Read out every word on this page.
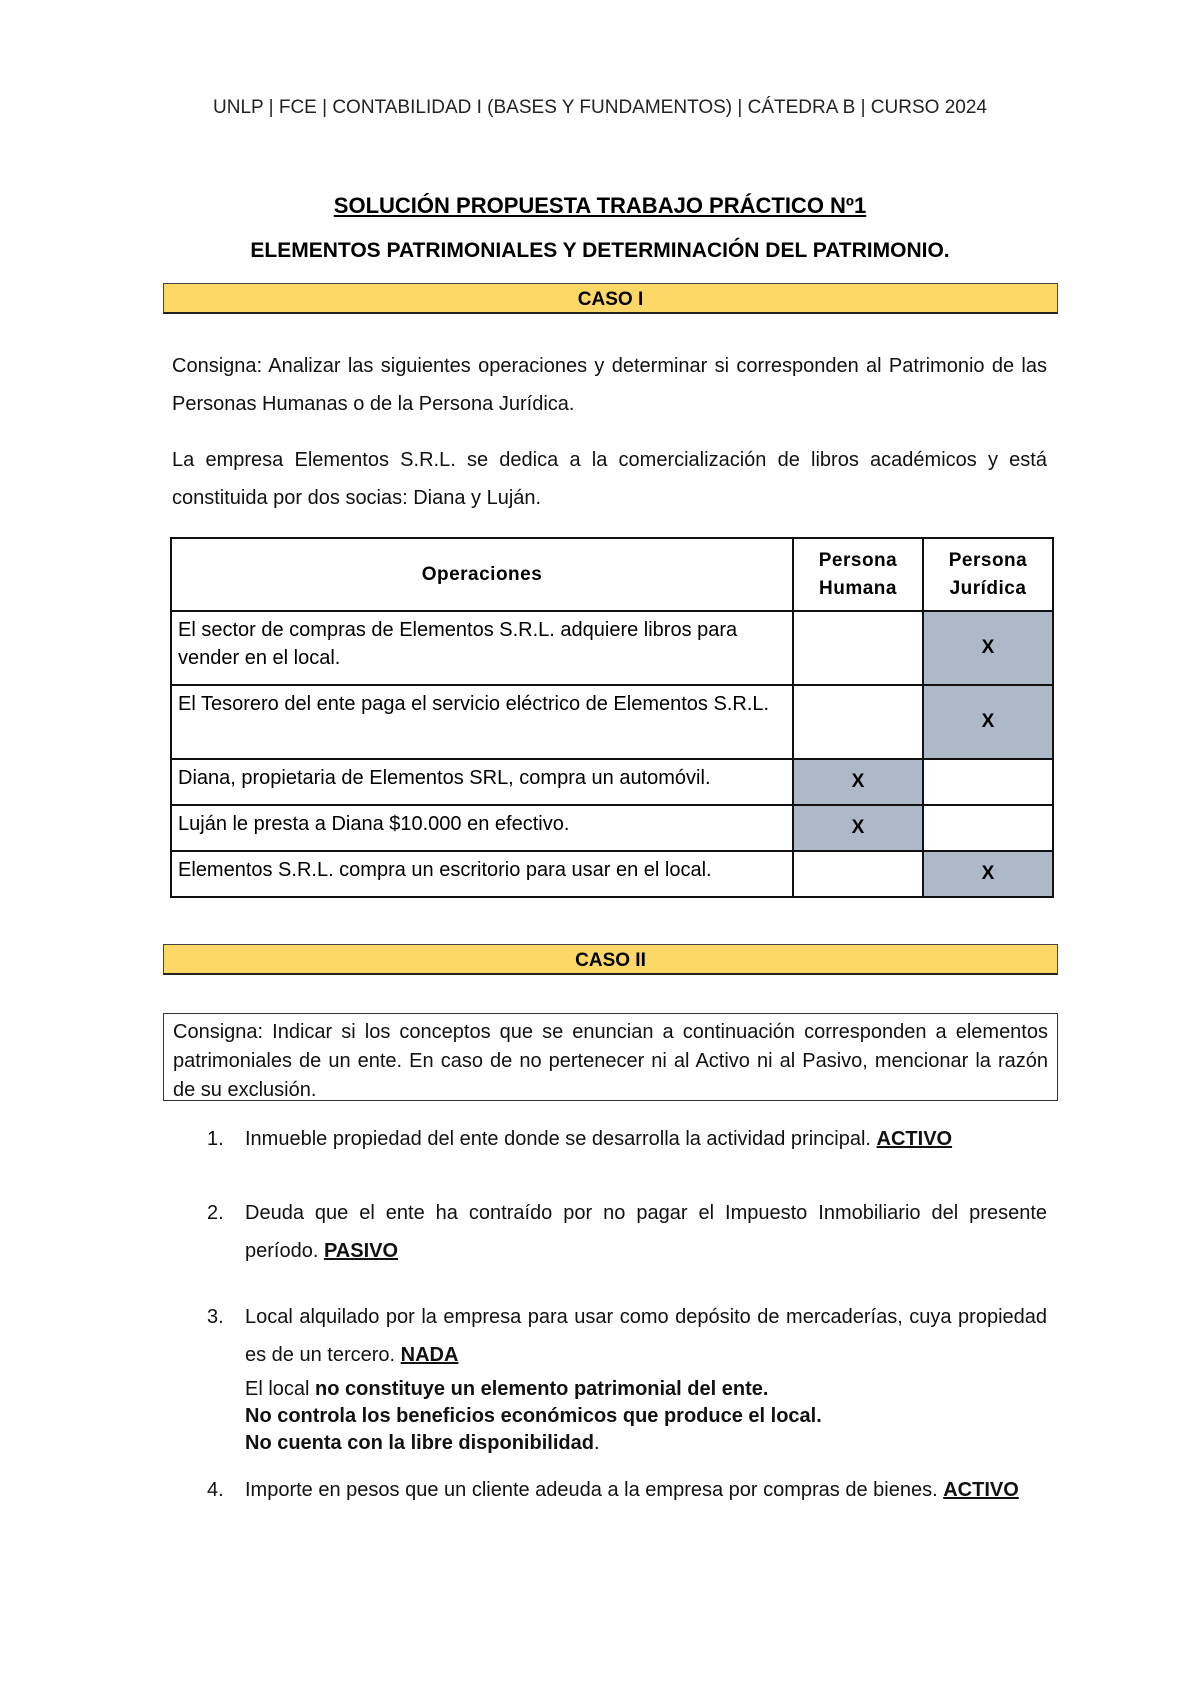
UNLP | FCE | CONTABILIDAD I (BASES Y FUNDAMENTOS) | CÁTEDRA B | CURSO 2024
SOLUCIÓN PROPUESTA TRABAJO PRÁCTICO Nº1
ELEMENTOS PATRIMONIALES Y DETERMINACIÓN DEL PATRIMONIO.
CASO I
Consigna: Analizar las siguientes operaciones y determinar si corresponden al Patrimonio de las Personas Humanas o de la Persona Jurídica.
La empresa Elementos S.R.L. se dedica a la comercialización de libros académicos y está constituida por dos socias: Diana y Luján.
Operaciones	Persona Humana	Persona Jurídica
El sector de compras de Elementos S.R.L. adquiere libros para vender en el local.		X
El Tesorero del ente paga el servicio eléctrico de Elementos S.R.L.		X
Diana, propietaria de Elementos SRL, compra un automóvil.	X	
Luján le presta a Diana $10.000 en efectivo.	X	
Elementos S.R.L. compra un escritorio para usar en el local.		X
CASO II
Consigna: Indicar si los conceptos que se enuncian a continuación corresponden a elementos patrimoniales de un ente. En caso de no pertenecer ni al Activo ni al Pasivo, mencionar la razón de su exclusión.
1. Inmueble propiedad del ente donde se desarrolla la actividad principal. ACTIVO
2. Deuda que el ente ha contraído por no pagar el Impuesto Inmobiliario del presente período. PASIVO
3. Local alquilado por la empresa para usar como depósito de mercaderías, cuya propiedad es de un tercero. NADA
El local no constituye un elemento patrimonial del ente.
No controla los beneficios económicos que produce el local.
No cuenta con la libre disponibilidad.
4. Importe en pesos que un cliente adeuda a la empresa por compras de bienes. ACTIVO
